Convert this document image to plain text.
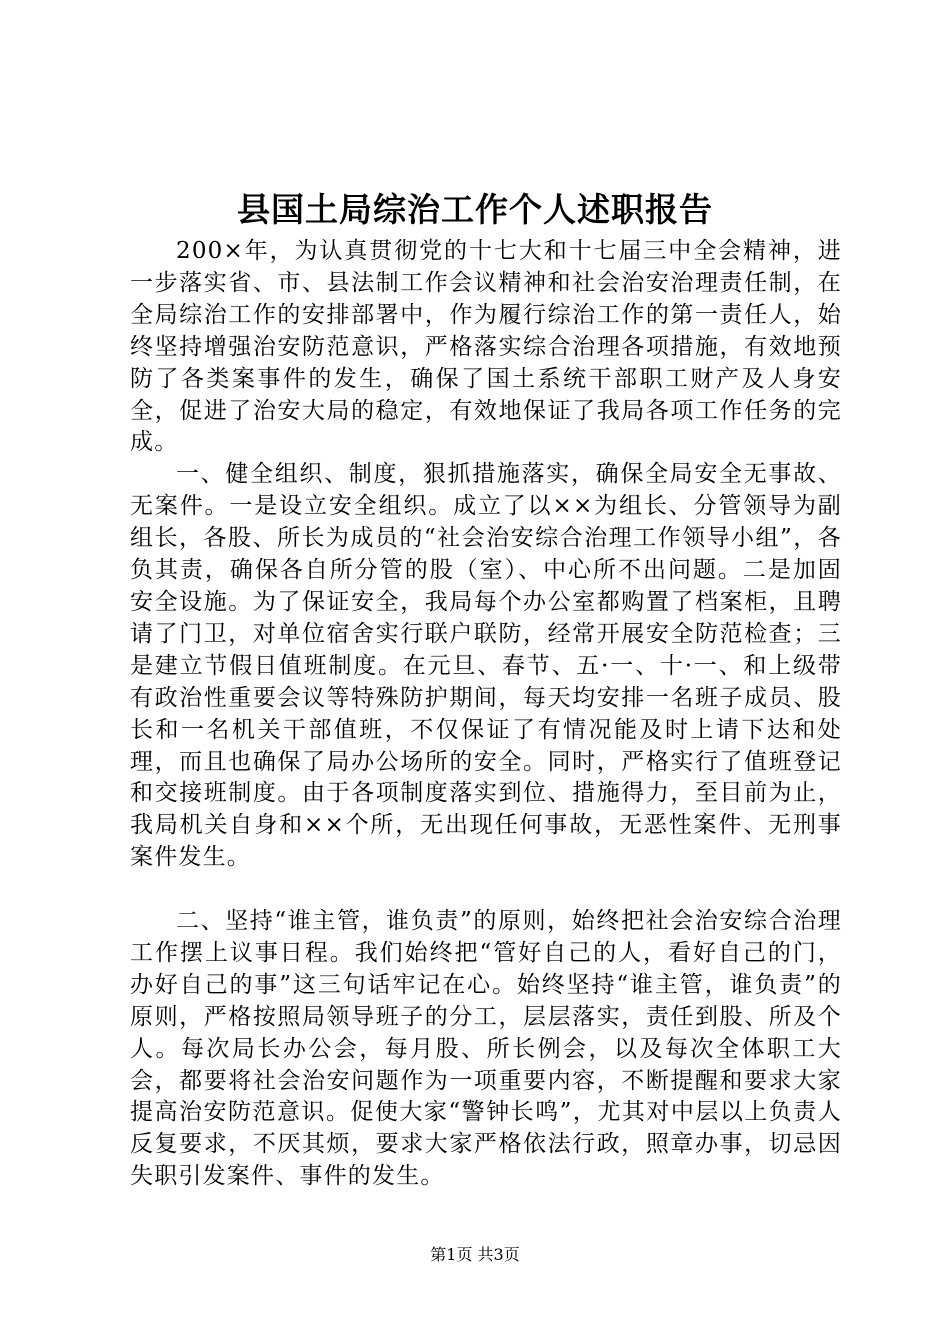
县国土局综治工作个人述职报告

200×年，为认真贯彻党的十七大和十七届三中全会精神，进一步落实省、市、县法制工作会议精神和社会治安治理责任制，在全局综治工作的安排部署中，作为履行综治工作的第一责任人，始终坚持增强治安防范意识，严格落实综合治理各项措施，有效地预防了各类案事件的发生，确保了国土系统干部职工财产及人身安全，促进了治安大局的稳定，有效地保证了我局各项工作任务的完成。

一、健全组织、制度，狠抓措施落实，确保全局安全无事故、无案件。一是设立安全组织。成立了以××为组长、分管领导为副组长，各股、所长为成员的“社会治安综合治理工作领导小组”，各负其责，确保各自所分管的股（室）、中心所不出问题。二是加固安全设施。为了保证安全，我局每个办公室都购置了档案柜，且聘请了门卫，对单位宿舍实行联户联防，经常开展安全防范检查；三是建立节假日值班制度。在元旦、春节、五·一、十·一、和上级带有政治性重要会议等特殊防护期间，每天均安排一名班子成员、股长和一名机关干部值班，不仅保证了有情况能及时上请下达和处理，而且也确保了局办公场所的安全。同时，严格实行了值班登记和交接班制度。由于各项制度落实到位、措施得力，至目前为止，我局机关自身和××个所，无出现任何事故，无恶性案件、无刑事案件发生。

二、坚持“谁主管，谁负责”的原则，始终把社会治安综合治理工作摆上议事日程。我们始终把“管好自己的人，看好自己的门，办好自己的事”这三句话牢记在心。始终坚持“谁主管，谁负责”的原则，严格按照局领导班子的分工，层层落实，责任到股、所及个人。每次局长办公会，每月股、所长例会，以及每次全体职工大会，都要将社会治安问题作为一项重要内容，不断提醒和要求大家提高治安防范意识。促使大家“警钟长鸣”，尤其对中层以上负责人反复要求，不厌其烦，要求大家严格依法行政，照章办事，切忌因失职引发案件、事件的发生。

第1页 共3页
